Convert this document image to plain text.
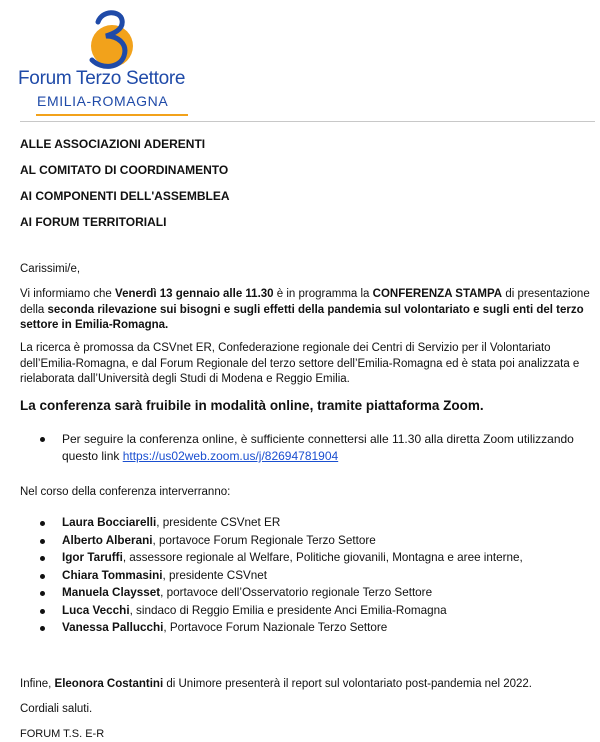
Forum Terzo Settore
EMILIA-ROMAGNA
ALLE ASSOCIAZIONI ADERENTI
AL COMITATO DI COORDINAMENTO
AI COMPONENTI DELL'ASSEMBLEA
AI FORUM TERRITORIALI
Carissimi/e,
Vi informiamo che Venerdì 13 gennaio alle 11.30 è in programma la CONFERENZA STAMPA di presentazione della seconda rilevazione sui bisogni e sugli effetti della pandemia sul volontariato e sugli enti del terzo settore in Emilia-Romagna.
La ricerca è promossa da CSVnet ER, Confederazione regionale dei Centri di Servizio per il Volontariato dell’Emilia-Romagna, e dal Forum Regionale del terzo settore dell’Emilia-Romagna ed è stata poi analizzata e rielaborata dall’Università degli Studi di Modena e Reggio Emilia.
La conferenza sarà fruibile in modalità online, tramite piattaforma Zoom.
Per seguire la conferenza online, è sufficiente connettersi alle 11.30 alla diretta Zoom utilizzando questo link https://us02web.zoom.us/j/82694781904
Nel corso della conferenza interverranno:
Laura Bocciarelli, presidente CSVnet ER
Alberto Alberani, portavoce Forum Regionale Terzo Settore
Igor Taruffi, assessore regionale al Welfare, Politiche giovanili, Montagna e aree interne,
Chiara Tommasini, presidente CSVnet
Manuela Claysset, portavoce dell’Osservatorio regionale Terzo Settore
Luca Vecchi, sindaco di Reggio Emilia e presidente Anci Emilia-Romagna
Vanessa Pallucchi, Portavoce Forum Nazionale Terzo Settore
Infine, Eleonora Costantini di Unimore presenterà il report sul volontariato post-pandemia nel 2022.
Cordiali saluti.
FORUM T.S. E-R
